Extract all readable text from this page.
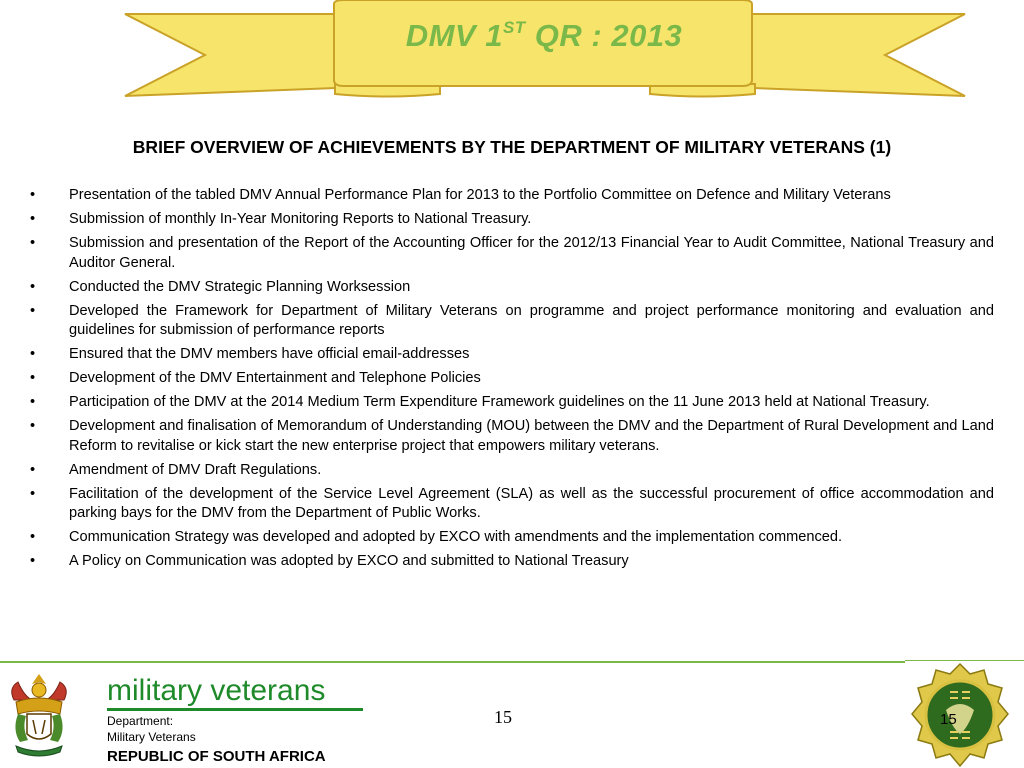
DMV 1ST QR : 2013
BRIEF OVERVIEW OF ACHIEVEMENTS BY THE DEPARTMENT OF MILITARY VETERANS (1)
• Presentation of the tabled DMV Annual Performance Plan for 2013 to the Portfolio Committee on Defence and Military Veterans
• Submission of monthly In-Year Monitoring Reports to National Treasury.
• Submission and presentation of the Report of the Accounting Officer for the 2012/13 Financial Year to Audit Committee, National Treasury and Auditor General.
• Conducted the DMV Strategic Planning Worksession
• Developed the Framework for Department of Military Veterans on programme and project performance monitoring and evaluation and guidelines for submission of performance reports
• Ensured that the DMV members have official email-addresses
• Development of the DMV Entertainment and Telephone Policies
• Participation of the DMV at the 2014 Medium Term Expenditure Framework guidelines on the 11 June 2013 held at National Treasury.
• Development and finalisation of Memorandum of Understanding (MOU) between the DMV and the Department of Rural Development and Land Reform to revitalise or kick start the new enterprise project that empowers military veterans.
• Amendment of DMV Draft Regulations.
• Facilitation of the development of the Service Level Agreement (SLA) as well as the successful procurement of office accommodation and parking bays for the DMV from the Department of Public Works.
• Communication Strategy was developed and adopted by EXCO with amendments and the implementation commenced.
• A Policy on Communication was adopted by EXCO and submitted to National Treasury
military veterans
Department:
Military Veterans
REPUBLIC OF SOUTH AFRICA
15	15
